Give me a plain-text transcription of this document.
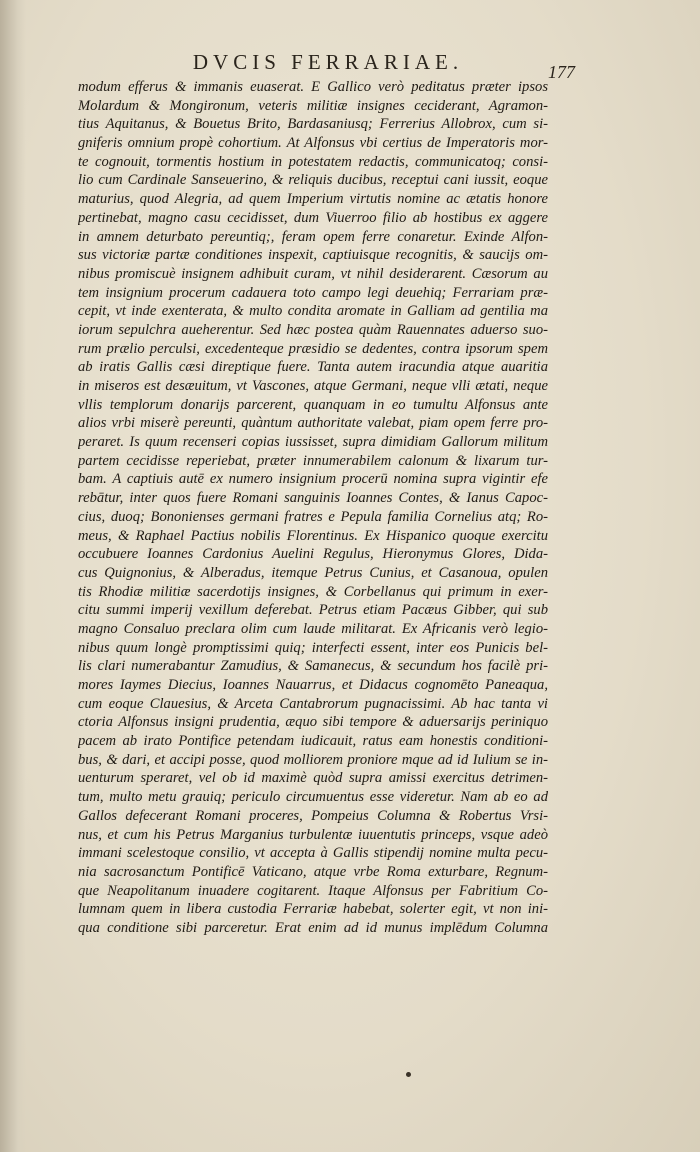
DVCIS FERRARIAE.	177
modum efferus & immanis euaserat. E Gallico verò peditatus præter ipsos
Molardum & Mongironum, veteris militiæ insignes ceciderant, Agramon-
tius Aquitanus, & Bouetus Brito, Bardasaniusq; Ferrerius Allobrox, cum si-
gniferis omnium propè cohortium. At Alfonsus vbi certius de Imperatoris mor-
te cognouit, tormentis hostium in potestatem redactis, communicatoq; consi-
lio cum Cardinale Sanseuerino, & reliquis ducibus, receptui cani iussit, eoque
maturius, quod Alegria, ad quem Imperium virtutis nomine ac ætatis honore
pertinebat, magno casu cecidisset, dum Viuerroo filio ab hostibus ex aggere
in amnem deturbato pereuntiq;, feram opem ferre conaretur. Exinde Alfon-
sus victoriæ partæ conditiones inspexit, captiuisque recognitis, & saucijs om-
nibus promiscuè insignem adhibuit curam, vt nihil desiderarent. Cæsorum au
tem insignium procerum cadauera toto campo legi deuehiq; Ferrariam præ-
cepit, vt inde exenterata, & multo condita aromate in Galliam ad gentilia ma
iorum sepulchra aueherentur. Sed hæc postea quàm Rauennates aduerso suo-
rum prælio perculsi, excedenteque præsidio se dedentes, contra ipsorum spem
ab iratis Gallis cæsi direptique fuere. Tanta autem iracundia atque auaritia
in miseros est desæuitum, vt Vascones, atque Germani, neque vlli ætati, neque
vllis templorum donarijs parcerent, quanquam in eo tumultu Alfonsus ante
alios vrbi miserè pereunti, quàntum authoritate valebat, piam opem ferre pro-
peraret. Is quum recenseri copias iussisset, supra dimidiam Gallorum militum
partem cecidisse reperiebat, præter innumerabilem calonum & lixarum tur-
bam. A captiuis autē ex numero insignium procerū nomina supra vigintir efe
rebātur, inter quos fuere Romani sanguinis Ioannes Contes, & Ianus Capoc-
cius, duoq; Bononienses germani fratres e Pepula familia Cornelius atq; Ro-
meus, & Raphael Pactius nobilis Florentinus. Ex Hispanico quoque exercitu
occubuere Ioannes Cardonius Auelini Regulus, Hieronymus Glores, Dida-
cus Quignonius, & Alberadus, itemque Petrus Cunius, et Casanoua, opulen
tis Rhodiæ militiæ sacerdotijs insignes, & Corbellanus qui primum in exer-
citu summi imperij vexillum deferebat. Petrus etiam Pacæus Gibber, qui sub
magno Consaluo preclara olim cum laude militarat. Ex Africanis verò legio-
nibus quum longè promptissimi quiq; interfecti essent, inter eos Punicis bel-
lis clari numerabantur Zamudius, & Samanecus, & secundum hos facilè pri-
mores Iaymes Diecius, Ioannes Nauarrus, et Didacus cognomēto Paneaqua,
cum eoque Clauesius, & Arceta Cantabrorum pugnacissimi. Ab hac tanta vi
ctoria Alfonsus insigni prudentia, æquo sibi tempore & aduersarijs periniquo
pacem ab irato Pontifice petendam iudicauit, ratus eam honestis conditioni-
bus, & dari, et accipi posse, quod molliorem proniore mque ad id Iulium se in-
uenturum speraret, vel ob id maximè quòd supra amissi exercitus detrimen-
tum, multo metu grauiq; periculo circumuentus esse videretur. Nam ab eo ad
Gallos defecerant Romani proceres, Pompeius Columna & Robertus Vrsi-
nus, et cum his Petrus Marganius turbulentæ iuuentutis princeps, vsque adeò
immani scelestoque consilio, vt accepta à Gallis stipendij nomine multa pecu-
nia sacrosanctum Pontificē Vaticano, atque vrbe Roma exturbare, Regnum-
que Neapolitanum inuadere cogitarent. Itaque Alfonsus per Fabritium Co-
lumnam quem in libera custodia Ferrariæ habebat, solerter egit, vt non ini-
qua conditione sibi parceretur. Erat enim ad id munus implēdum Columna
